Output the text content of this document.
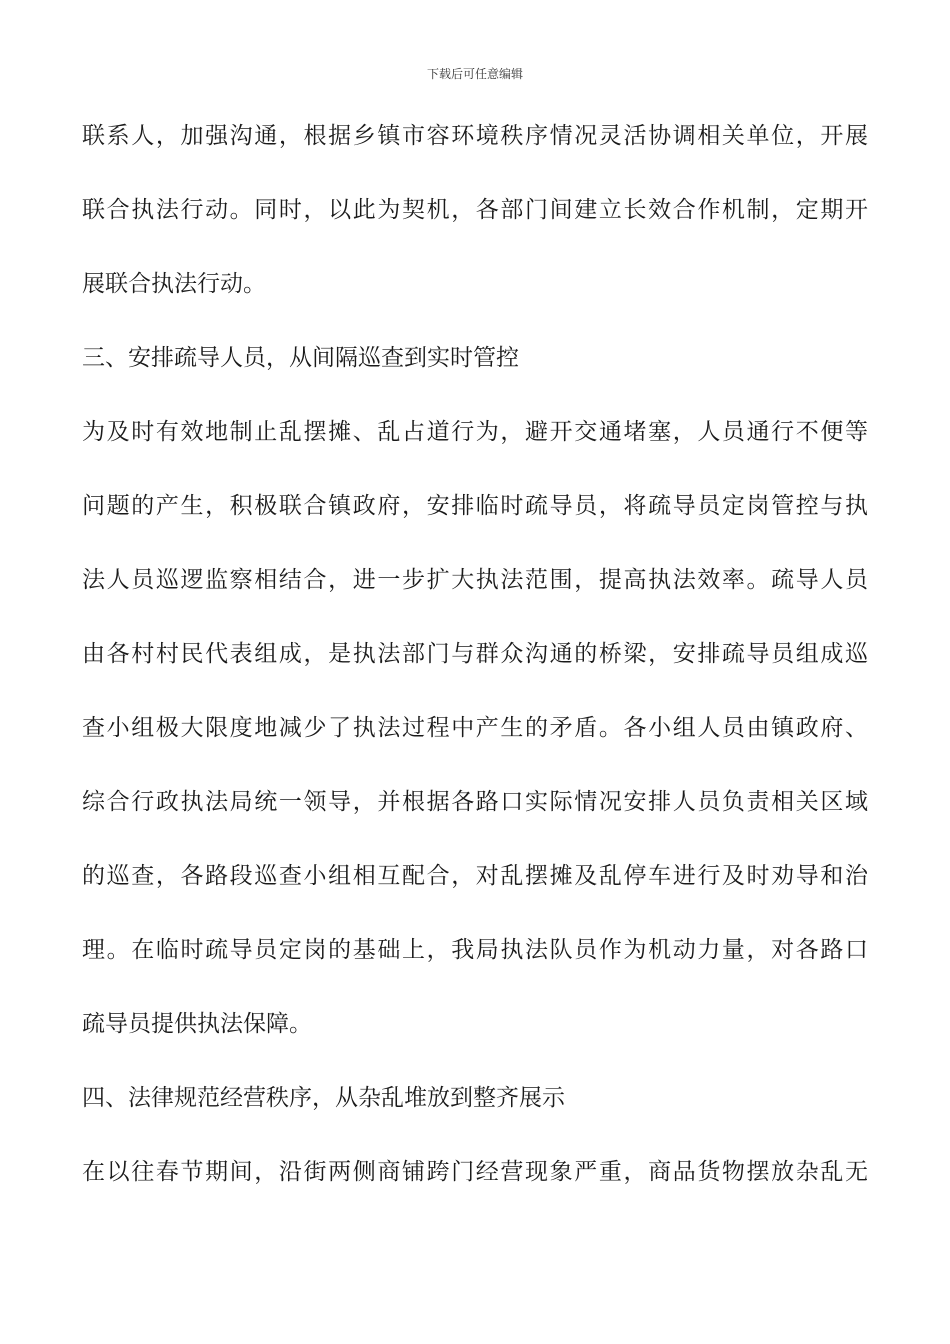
下载后可任意编辑
联系人，加强沟通，根据乡镇市容环境秩序情况灵活协调相关单位，开展
联合执法行动。同时，以此为契机，各部门间建立长效合作机制，定期开
展联合执法行动。
三、安排疏导人员，从间隔巡查到实时管控
为及时有效地制止乱摆摊、乱占道行为，避开交通堵塞，人员通行不便等
问题的产生，积极联合镇政府，安排临时疏导员，将疏导员定岗管控与执
法人员巡逻监察相结合，进一步扩大执法范围，提高执法效率。疏导人员
由各村村民代表组成，是执法部门与群众沟通的桥梁，安排疏导员组成巡
查小组极大限度地减少了执法过程中产生的矛盾。各小组人员由镇政府、
综合行政执法局统一领导，并根据各路口实际情况安排人员负责相关区域
的巡查，各路段巡查小组相互配合，对乱摆摊及乱停车进行及时劝导和治
理。在临时疏导员定岗的基础上，我局执法队员作为机动力量，对各路口
疏导员提供执法保障。
四、法律规范经营秩序，从杂乱堆放到整齐展示
在以往春节期间，沿街两侧商铺跨门经营现象严重，商品货物摆放杂乱无
